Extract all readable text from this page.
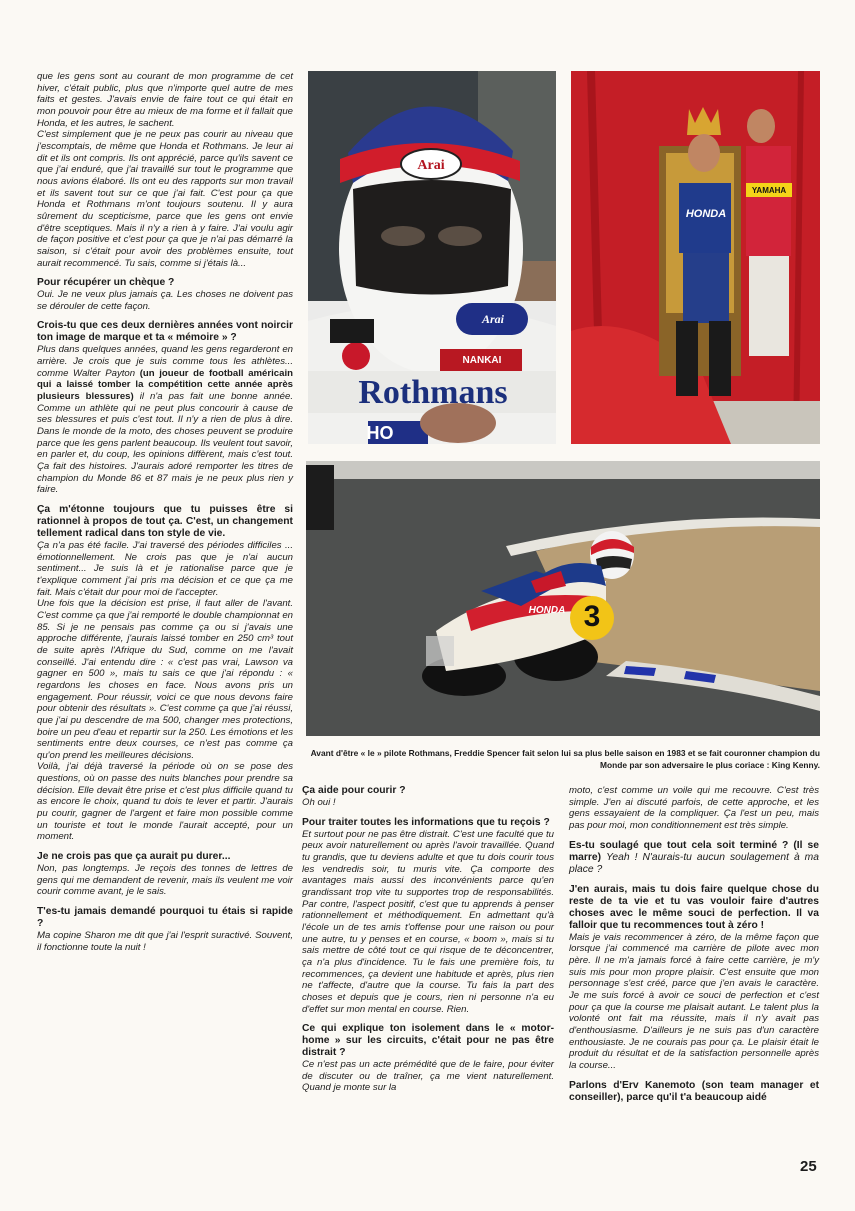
que les gens sont au courant de mon programme de cet hiver, c'était public, plus que n'importe quel autre de mes faits et gestes. J'avais envie de faire tout ce qui était en mon pouvoir pour être au mieux de ma forme et il fallait que Honda, et les autres, le sachent.

C'est simplement que je ne peux pas courir au niveau que j'escomptais, de même que Honda et Rothmans. Je leur ai dit et ils ont compris. Ils ont apprécié, parce qu'ils savent ce que j'ai enduré, que j'ai travaillé sur tout le programme que nous avions élaboré. Ils ont eu des rapports sur mon travail et ils savent tout sur ce que j'ai fait. C'est pour ça que Honda et Rothmans m'ont toujours soutenu. Il y aura sûrement du scepticisme, parce que les gens ont envie d'être sceptiques. Mais il n'y a rien à y faire. J'ai voulu agir de façon positive et c'est pour ça que je n'ai pas démarré la saison, si c'était pour avoir des problèmes ensuite, tout aurait recommencé. Tu sais, comme si j'étais là...

Pour récupérer un chèque ?

Oui. Je ne veux plus jamais ça. Les choses ne doivent pas se dérouler de cette façon.

Crois-tu que ces deux dernières années vont noircir ton image de marque et ta « mémoire » ?

Plus dans quelques années, quand les gens regarderont en arrière. Je crois que je suis comme tous les athlètes... comme Walter Payton (un joueur de football américain qui a laissé tomber la compétition cette année après plusieurs blessures) il n'a pas fait une bonne année. Comme un athlète qui ne peut plus concourir à cause de ses blessures et puis c'est tout. Il n'y a rien de plus à dire. Dans le monde de la moto, des choses peuvent se produire parce que les gens parlent beaucoup. Ils veulent tout savoir, en parler et, du coup, les opinions diffèrent, mais c'est tout. Ça fait des histoires. J'aurais adoré remporter les titres de champion du Monde 86 et 87 mais je ne peux plus rien y faire.

Ça m'étonne toujours que tu puisses être si rationnel à propos de tout ça. C'est, un changement tellement radical dans ton style de vie.

Ça n'a pas été facile. J'ai traversé des périodes difficiles ... émotionnellement. Ne crois pas que je n'ai aucun sentiment... Je suis là et je rationalise parce que je t'explique comment j'ai pris ma décision et ce que ça me fait. Mais c'était dur pour moi de l'accepter.

Une fois que la décision est prise, il faut aller de l'avant. C'est comme ça que j'ai remporté le double championnat en 85. Si je ne pensais pas comme ça ou si j'avais une approche différente, j'aurais laissé tomber en 250 cm³ tout de suite après l'Afrique du Sud, comme on me l'avait conseillé. J'ai entendu dire : « c'est pas vrai, Lawson va gagner en 500 », mais tu sais ce que j'ai répondu : « regardons les choses en face. Nous avons pris un engagement. Pour réussir, voici ce que nous devons faire pour obtenir des résultats ». C'est comme ça que j'ai réussi, que j'ai pu descendre de ma 500, changer mes protections, boire un peu d'eau et repartir sur la 250. Les émotions et les sentiments entre deux courses, ce n'est pas comme ça qu'on prend les meilleures décisions.

Voilà, j'ai déjà traversé la période où on se pose des questions, où on passe des nuits blanches pour prendre sa décision. Elle devait être prise et c'est plus difficile quand tu as encore le choix, quand tu dois te lever et partir. J'aurais pu courir, gagner de l'argent et faire mon possible comme un touriste et tout le monde l'aurait accepté, pour un moment.

Je ne crois pas que ça aurait pu durer...

Non, pas longtemps. Je reçois des tonnes de lettres de gens qui me demandent de revenir, mais ils veulent me voir courir comme avant, je le sais.

T'es-tu jamais demandé pourquoi tu étais si rapide ?

Ma copine Sharon me dit que j'ai l'esprit suractivé. Souvent, il fonctionne toute la nuit !

Arai
Arai
NANKAI
Rothmans
HO
HONDA
YAMAHA
HONDA 3
Avant d'être « le » pilote Rothmans, Freddie Spencer fait selon lui sa plus belle saison en 1983 et se fait couronner champion du Monde par son adversaire le plus coriace : King Kenny.

Ça aide pour courir ?

Oh oui !

Pour traiter toutes les informations que tu reçois ?

Et surtout pour ne pas être distrait. C'est une faculté que tu peux avoir naturellement ou après l'avoir travaillée. Quand tu grandis, que tu deviens adulte et que tu dois courir tous les vendredis soir, tu muris vite. Ça comporte des avantages mais aussi des inconvénients parce qu'en grandissant trop vite tu supportes trop de responsabilités. Par contre, l'aspect positif, c'est que tu apprends à penser rationnellement et méthodiquement. En admettant qu'à l'école un de tes amis t'offense pour une raison ou pour une autre, tu y penses et en course, « boom », mais si tu sais mettre de côté tout ce qui risque de te déconcentrer, ça n'a plus d'incidence. Tu le fais une première fois, tu recommences, ça devient une habitude et après, plus rien ne t'affecte, d'autre que la course. Tu fais la part des choses et depuis que je cours, rien ni personne n'a eu d'effet sur mon mental en course. Rien.

Ce qui explique ton isolement dans le « motor-home » sur les circuits, c'était pour ne pas être distrait ?

Ce n'est pas un acte prémédité que de le faire, pour éviter de discuter ou de traîner, ça me vient naturellement. Quand je monte sur la

moto, c'est comme un voile qui me recouvre. C'est très simple. J'en ai discuté parfois, de cette approche, et les gens essayaient de la compliquer. Ça l'est un peu, mais pas pour moi, mon conditionnement est très simple.

Es-tu soulagé que tout cela soit terminé ? (Il se marre) Yeah ! N'aurais-tu aucun soulagement à ma place ?

J'en aurais, mais tu dois faire quelque chose du reste de ta vie et tu vas vouloir faire d'autres choses avec le même souci de perfection. Il va falloir que tu recommences tout à zéro !

Mais je vais recommencer à zéro, de la même façon que lorsque j'ai commencé ma carrière de pilote avec mon père. Il ne m'a jamais forcé à faire cette carrière, je m'y suis mis pour mon propre plaisir. C'est ensuite que mon personnage s'est créé, parce que j'en avais le caractère. Je me suis forcé à avoir ce souci de perfection et c'est pour ça que la course me plaisait autant. Le talent plus la volonté ont fait ma réussite, mais il n'y avait pas d'enthousiasme. D'ailleurs je ne suis pas d'un caractère enthousiaste. Je ne courais pas pour ça. Le plaisir était le produit du résultat et de la satisfaction personnelle après la course...

Parlons d'Erv Kanemoto (son team manager et conseiller), parce qu'il t'a beaucoup aidé

25
